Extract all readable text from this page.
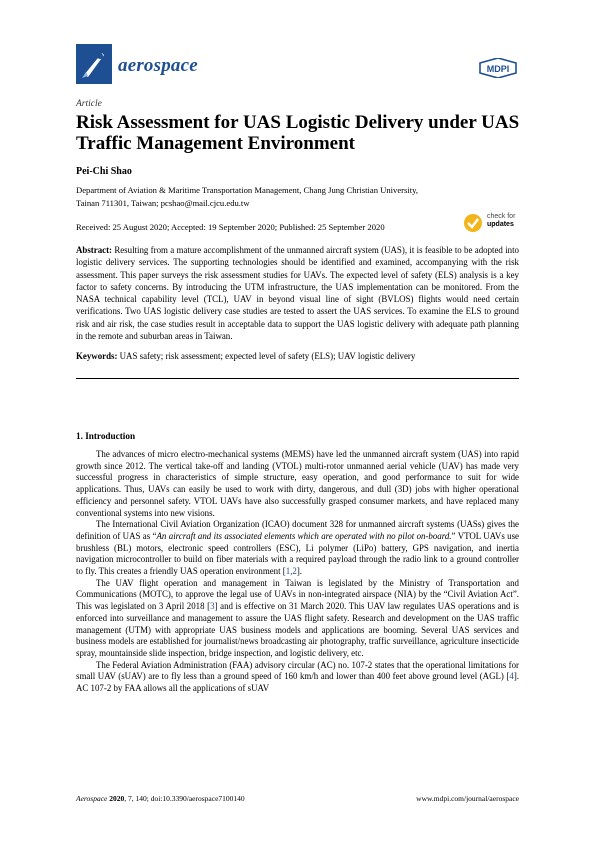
aerospace	MDPI
Article
Risk Assessment for UAS Logistic Delivery under UAS Traffic Management Environment
Pei-Chi Shao
Department of Aviation & Maritime Transportation Management, Chang Jung Christian University,
Tainan 711301, Taiwan; pcshao@mail.cjcu.edu.tw
Received: 25 August 2020; Accepted: 19 September 2020; Published: 25 September 2020
check for
updates
Abstract: Resulting from a mature accomplishment of the unmanned aircraft system (UAS), it is feasible to be adopted into logistic delivery services. The supporting technologies should be identified and examined, accompanying with the risk assessment. This paper surveys the risk assessment studies for UAVs. The expected level of safety (ELS) analysis is a key factor to safety concerns. By introducing the UTM infrastructure, the UAS implementation can be monitored. From the NASA technical capability level (TCL), UAV in beyond visual line of sight (BVLOS) flights would need certain verifications. Two UAS logistic delivery case studies are tested to assert the UAS services. To examine the ELS to ground risk and air risk, the case studies result in acceptable data to support the UAS logistic delivery with adequate path planning in the remote and suburban areas in Taiwan.
Keywords: UAS safety; risk assessment; expected level of safety (ELS); UAV logistic delivery
1. Introduction

The advances of micro electro-mechanical systems (MEMS) have led the unmanned aircraft system (UAS) into rapid growth since 2012. The vertical take-off and landing (VTOL) multi-rotor unmanned aerial vehicle (UAV) has made very successful progress in characteristics of simple structure, easy operation, and good performance to suit for wide applications. Thus, UAVs can easily be used to work with dirty, dangerous, and dull (3D) jobs with higher operational efficiency and personnel safety. VTOL UAVs have also successfully grasped consumer markets, and have replaced many conventional systems into new visions.

The International Civil Aviation Organization (ICAO) document 328 for unmanned aircraft systems (UASs) gives the definition of UAS as “An aircraft and its associated elements which are operated with no pilot on-board.” VTOL UAVs use brushless (BL) motors, electronic speed controllers (ESC), Li polymer (LiPo) battery, GPS navigation, and inertia navigation microcontroller to build on fiber materials with a required payload through the radio link to a ground controller to fly. This creates a friendly UAS operation environment [1,2].

The UAV flight operation and management in Taiwan is legislated by the Ministry of Transportation and Communications (MOTC), to approve the legal use of UAVs in non-integrated airspace (NIA) by the “Civil Aviation Act”. This was legislated on 3 April 2018 [3] and is effective on 31 March 2020. This UAV law regulates UAS operations and is enforced into surveillance and management to assure the UAS flight safety. Research and development on the UAS traffic management (UTM) with appropriate UAS business models and applications are booming. Several UAS services and business models are established for journalist/news broadcasting air photography, traffic surveillance, agriculture insecticide spray, mountainside slide inspection, bridge inspection, and logistic delivery, etc.

The Federal Aviation Administration (FAA) advisory circular (AC) no. 107-2 states that the operational limitations for small UAV (sUAV) are to fly less than a ground speed of 160 km/h and lower than 400 feet above ground level (AGL) [4]. AC 107-2 by FAA allows all the applications of sUAV

Aerospace 2020, 7, 140; doi:10.3390/aerospace7100140	www.mdpi.com/journal/aerospace
